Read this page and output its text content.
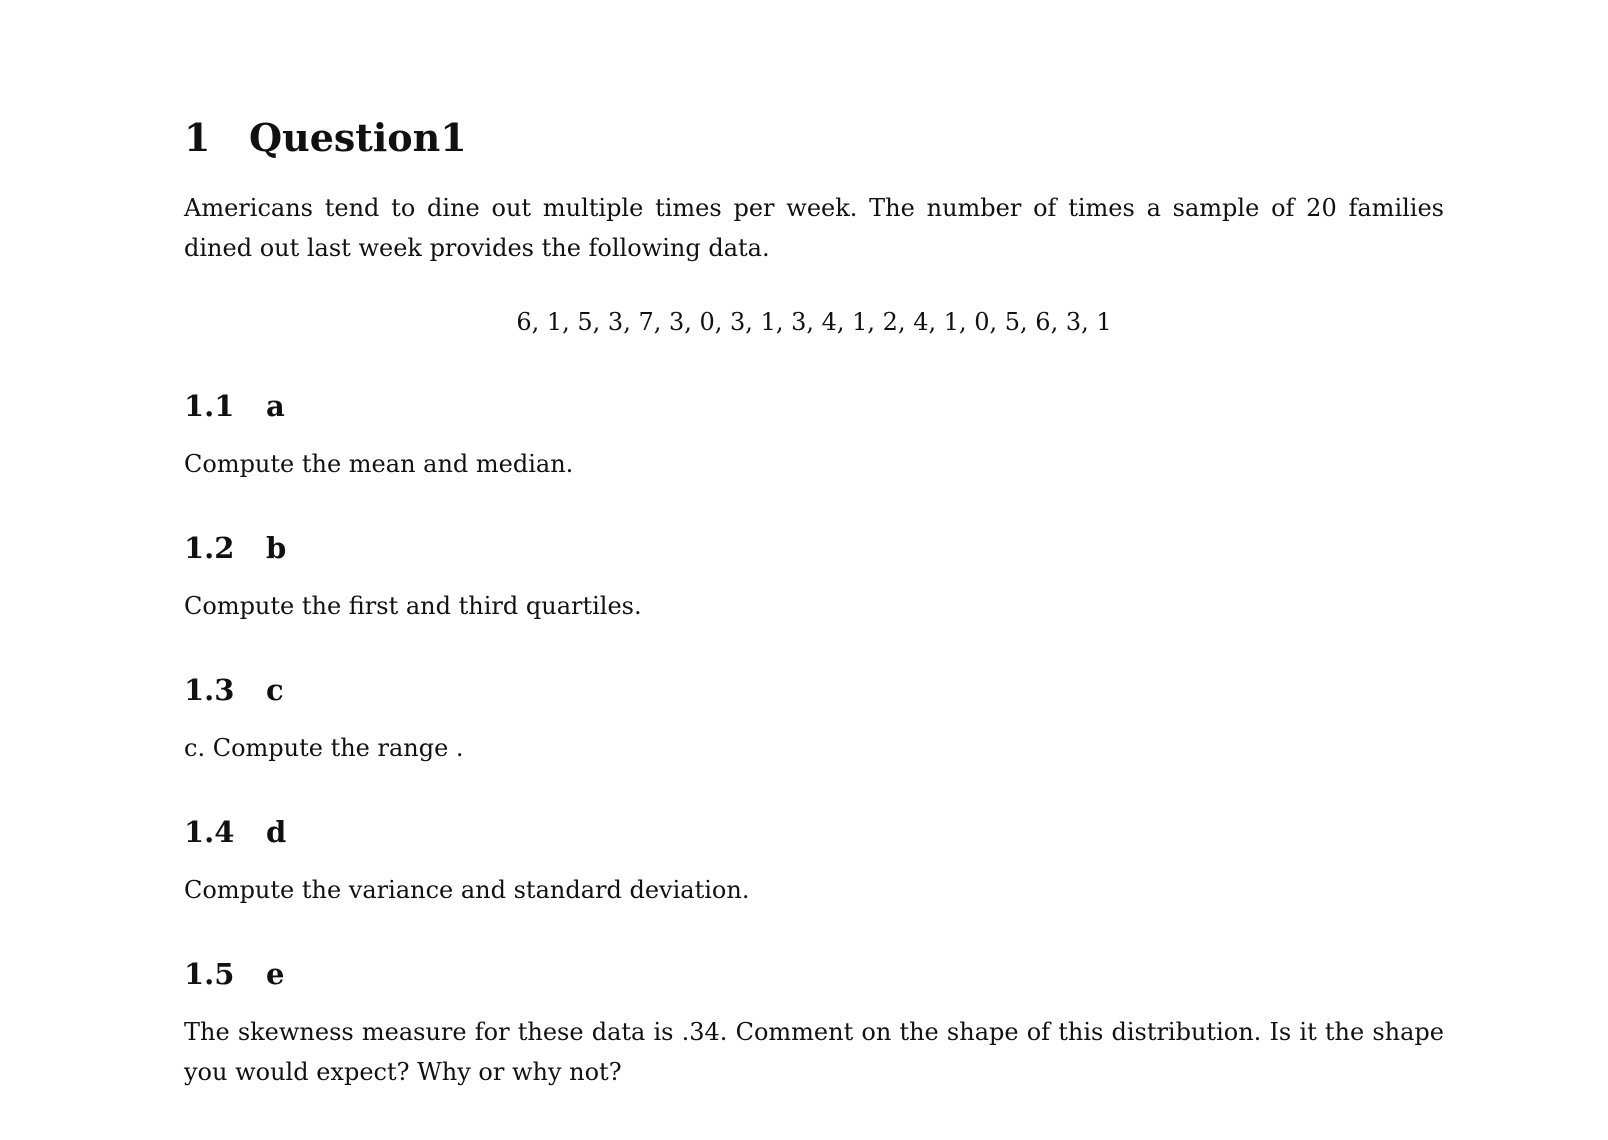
1 Question1

Americans tend to dine out multiple times per week. The number of times a sample of 20 families dined out last week provides the following data.

6, 1, 5, 3, 7, 3, 0, 3, 1, 3, 4, 1, 2, 4, 1, 0, 5, 6, 3, 1

1.1 a

Compute the mean and median.

1.2 b

Compute the first and third quartiles.

1.3 c

c. Compute the range .

1.4 d

Compute the variance and standard deviation.

1.5 e

The skewness measure for these data is .34. Comment on the shape of this distribution. Is it the shape you would expect? Why or why not?
